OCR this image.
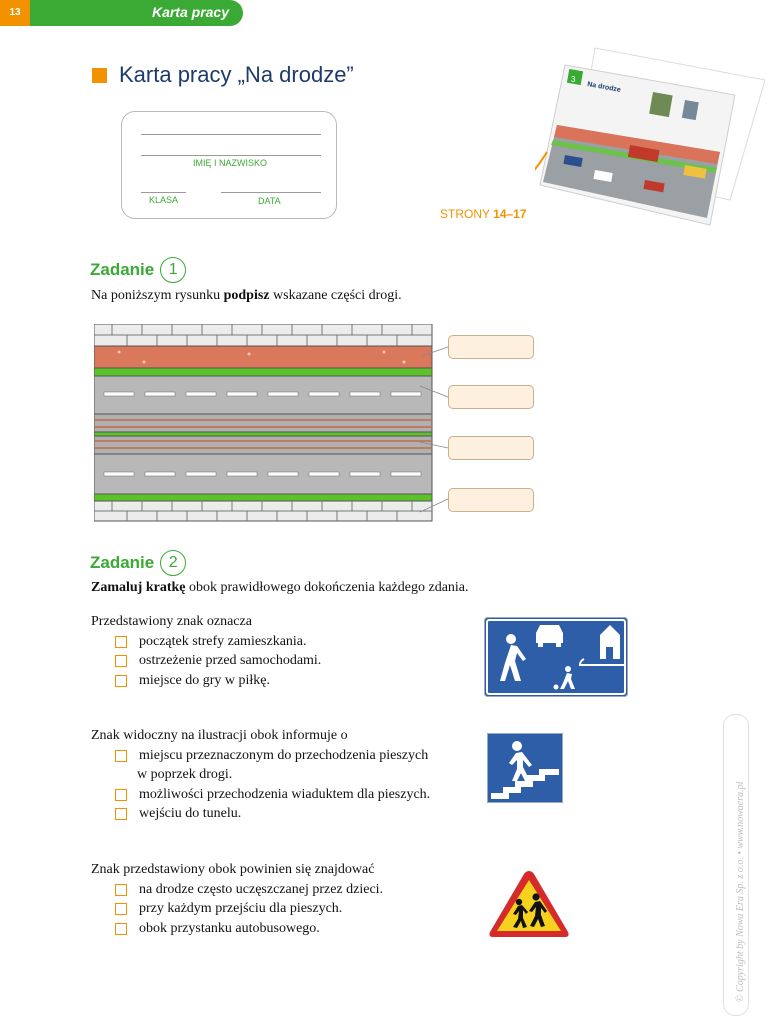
13	Karta pracy
Karta pracy „Na drodze”
IMIĘ I NAZWISKO
KLASA	DATA
3
Na drodze
STRONY 14–17
Zadanie 1
Na poniższym rysunku podpisz wskazane części drogi.
Zadanie 2
Zamaluj kratkę obok prawidłowego dokończenia każdego zdania.
Przedstawiony znak oznacza
początek strefy zamieszkania.
ostrzeżenie przed samochodami.
miejsce do gry w piłkę.
Znak widoczny na ilustracji obok informuje o
miejscu przeznaczonym do przechodzenia pieszych
w poprzek drogi.
możliwości przechodzenia wiaduktem dla pieszych.
wejściu do tunelu.
Znak przedstawiony obok powinien się znajdować
na drodze często uczęszczanej przez dzieci.
przy każdym przejściu dla pieszych.
obok przystanku autobusowego.	© Copyright by Nowa Era Sp. z o.o. • www.nowaera.pl
